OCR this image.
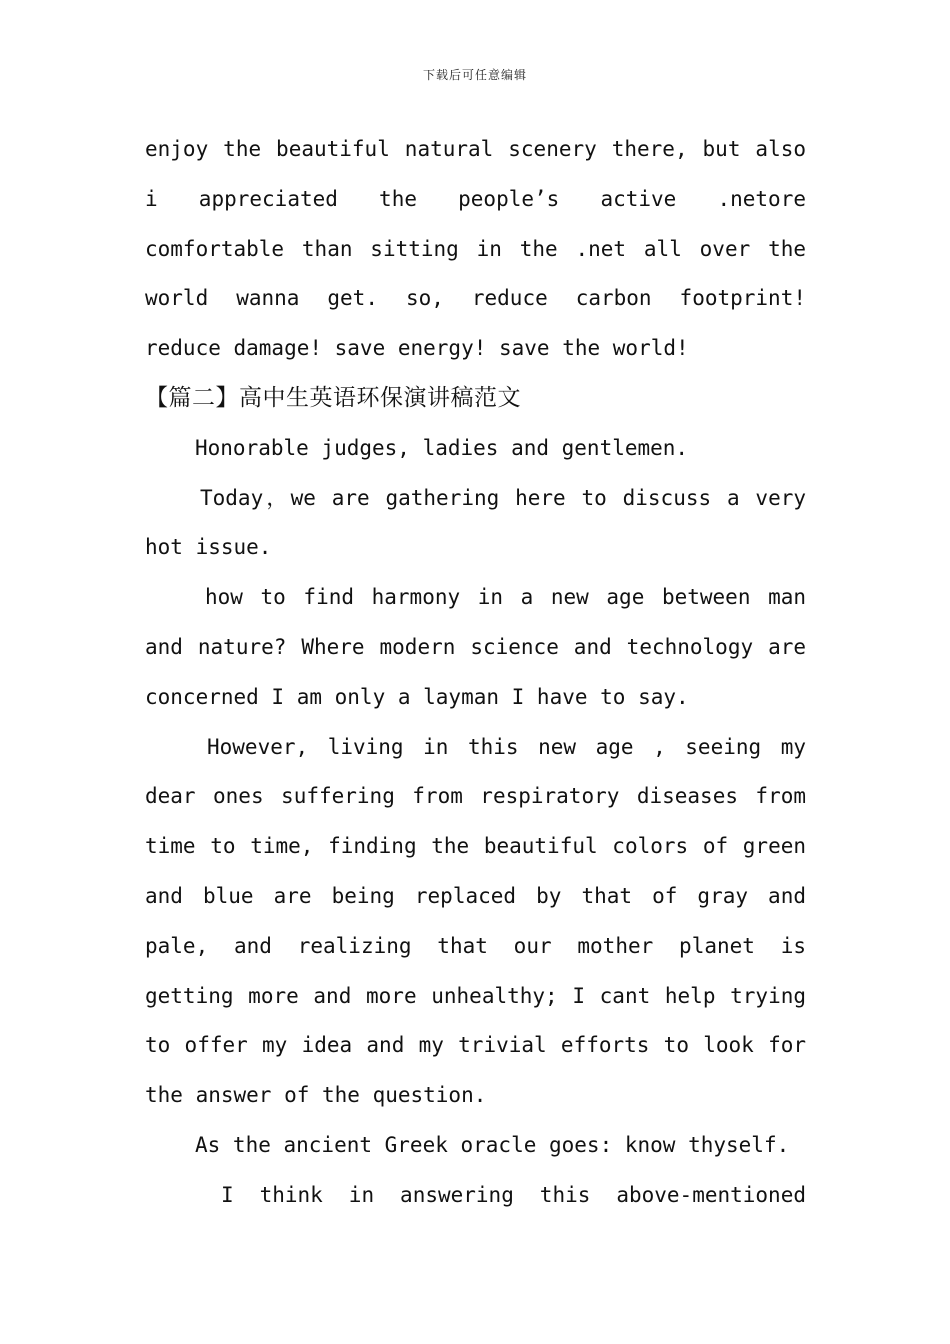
下载后可任意编辑
enjoy the beautiful natural scenery there, but also
i appreciated the people’s active .netore
comfortable than sitting in the .net all over the
world wanna get. so, reduce carbon footprint!
reduce damage! save energy! save the world!
【篇二】高中生英语环保演讲稿范文
Honorable judges, ladies and gentlemen.
Today，we are gathering here to discuss a very
hot issue.
how to find harmony in a new age between man
and nature? Where modern science and technology are
concerned I am only a layman I have to say.
However, living in this new age , seeing my
dear ones suffering from respiratory diseases from
time to time, finding the beautiful colors of green
and blue are being replaced by that of gray and
pale, and realizing that our mother planet is
getting more and more unhealthy; I cant help trying
to offer my idea and my trivial efforts to look for
the answer of the question.
As the ancient Greek oracle goes: know thyself.
I think in answering this above-mentioned
